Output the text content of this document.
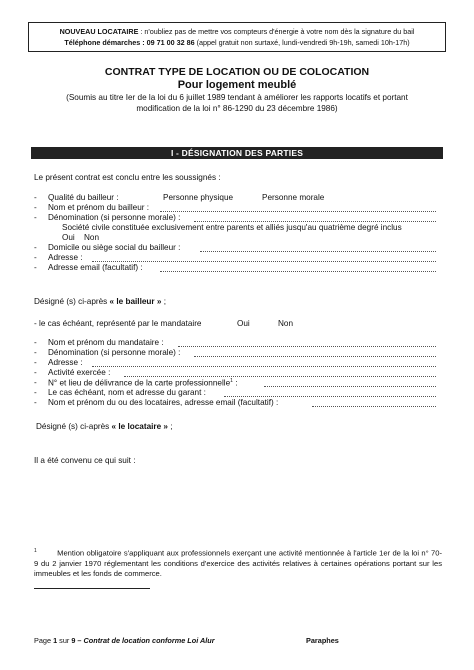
NOUVEAU LOCATAIRE : n'oubliez pas de mettre vos compteurs d'énergie à votre nom dès la signature du bail
Téléphone démarches : 09 71 00 32 86 (appel gratuit non surtaxé, lundi-vendredi 9h-19h, samedi 10h-17h)
CONTRAT TYPE DE LOCATION OU DE COLOCATION
Pour logement meublé
(Soumis au titre Ier de la loi du 6 juillet 1989 tendant à améliorer les rapports locatifs et portant
modification de la loi n° 86-1290 du 23 décembre 1986)
I - DÉSIGNATION DES PARTIES
Le présent contrat est conclu entre les soussignés :
- Qualité du bailleur :	Personne physique	Personne morale
- Nom et prénom du bailleur :
- Dénomination (si personne morale) :
Société civile constituée exclusivement entre parents et alliés jusqu'au quatrième degré inclus
Oui Non
- Domicile ou siège social du bailleur :
- Adresse :
- Adresse email (facultatif) :
Désigné (s) ci-après « le bailleur » ;
- le cas échéant, représenté par le mandataire	Oui	Non
- Nom et prénom du mandataire :
- Dénomination (si personne morale) :
- Adresse :
- Activité exercée :
- N° et lieu de délivrance de la carte professionnelle$^1$ :
- Le cas échéant, nom et adresse du garant :
- Nom et prénom du ou des locataires, adresse email (facultatif) :
Désigné (s) ci-après « le locataire » ;
Il a été convenu ce qui suit :
$^1$	Mention obligatoire s'appliquant aux professionnels exerçant une activité mentionnée à l'article 1er de la loi n° 70-9 du 2 janvier 1970 réglementant les conditions d'exercice des activités relatives à certaines opérations portant sur les immeubles et les fonds de commerce.
Page 1 sur 9 – Contrat de location conforme Loi Alur	Paraphes
